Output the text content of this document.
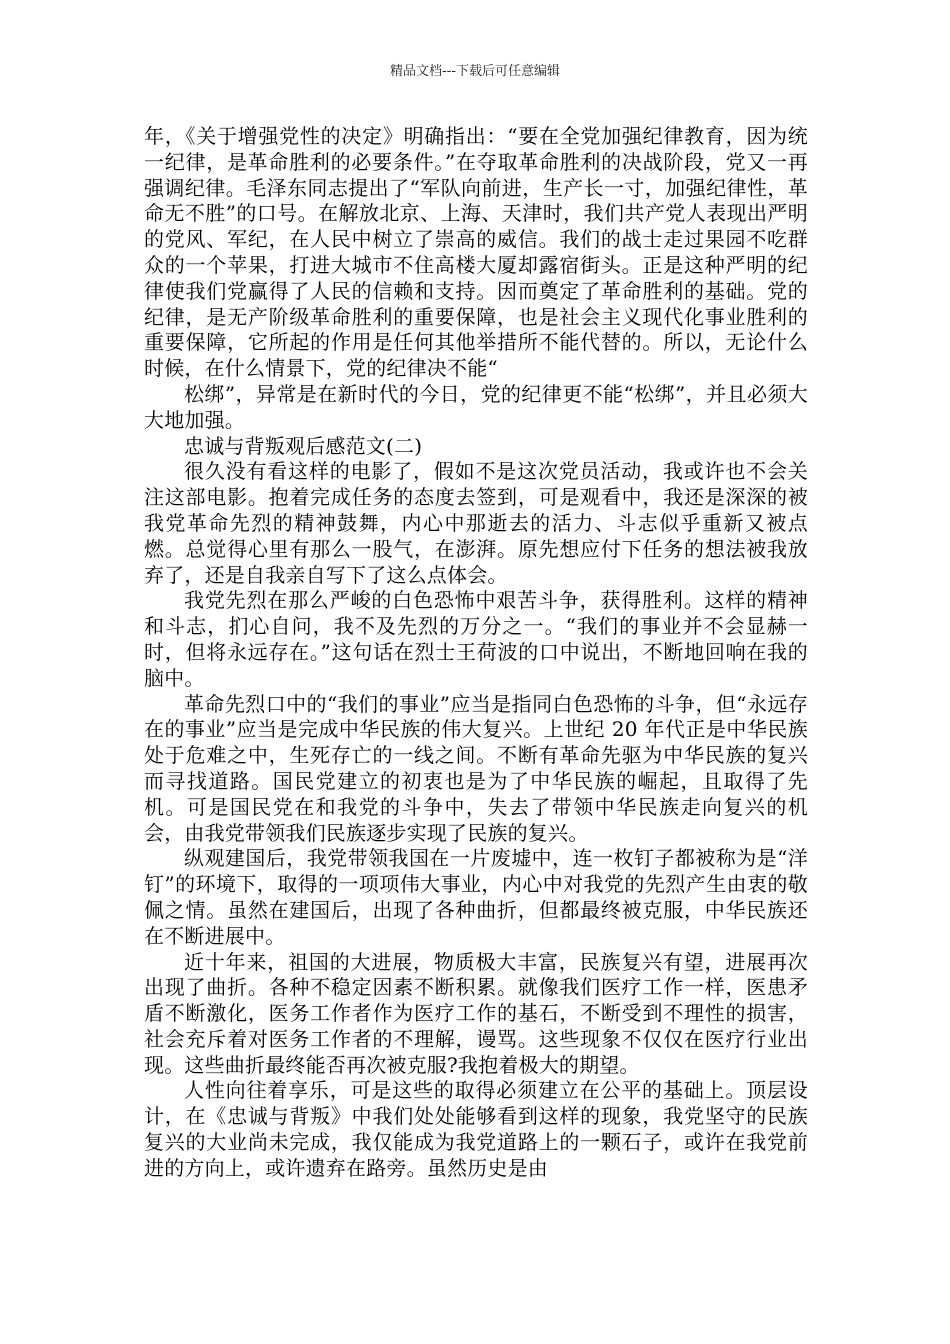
精品文档---下载后可任意编辑

年，《关于增强党性的决定》明确指出：“要在全党加强纪律教育，因为统一纪律，是革命胜利的必要条件。”在夺取革命胜利的决战阶段，党又一再强调纪律。毛泽东同志提出了“军队向前进，生产长一寸，加强纪律性，革命无不胜”的口号。在解放北京、上海、天津时，我们共产党人表现出严明的党风、军纪，在人民中树立了崇高的威信。我们的战士走过果园不吃群众的一个苹果，打进大城市不住高楼大厦却露宿街头。正是这种严明的纪律使我们党赢得了人民的信赖和支持。因而奠定了革命胜利的基础。党的纪律，是无产阶级革命胜利的重要保障，也是社会主义现代化事业胜利的重要保障，它所起的作用是任何其他举措所不能代替的。所以，无论什么时候，在什么情景下，党的纪律决不能“

松绑”，异常是在新时代的今日，党的纪律更不能“松绑”，并且必须大大地加强。

忠诚与背叛观后感范文(二)

很久没有看这样的电影了，假如不是这次党员活动，我或许也不会关注这部电影。抱着完成任务的态度去签到，可是观看中，我还是深深的被我党革命先烈的精神鼓舞，内心中那逝去的活力、斗志似乎重新又被点燃。总觉得心里有那么一股气，在澎湃。原先想应付下任务的想法被我放弃了，还是自我亲自写下了这么点体会。

我党先烈在那么严峻的白色恐怖中艰苦斗争，获得胜利。这样的精神和斗志，扪心自问，我不及先烈的万分之一。“我们的事业并不会显赫一时，但将永远存在。”这句话在烈士王荷波的口中说出，不断地回响在我的脑中。

革命先烈口中的“我们的事业”应当是指同白色恐怖的斗争，但“永远存在的事业”应当是完成中华民族的伟大复兴。上世纪 20 年代正是中华民族处于危难之中，生死存亡的一线之间。不断有革命先驱为中华民族的复兴而寻找道路。国民党建立的初衷也是为了中华民族的崛起，且取得了先机。可是国民党在和我党的斗争中，失去了带领中华民族走向复兴的机会，由我党带领我们民族逐步实现了民族的复兴。

纵观建国后，我党带领我国在一片废墟中，连一枚钉子都被称为是“洋钉”的环境下，取得的一项项伟大事业，内心中对我党的先烈产生由衷的敬佩之情。虽然在建国后，出现了各种曲折，但都最终被克服，中华民族还在不断进展中。

近十年来，祖国的大进展，物质极大丰富，民族复兴有望，进展再次出现了曲折。各种不稳定因素不断积累。就像我们医疗工作一样，医患矛盾不断激化，医务工作者作为医疗工作的基石，不断受到不理性的损害，社会充斥着对医务工作者的不理解，谩骂。这些现象不仅仅在医疗行业出现。这些曲折最终能否再次被克服?我抱着极大的期望。

人性向往着享乐，可是这些的取得必须建立在公平的基础上。顶层设计，在《忠诚与背叛》中我们处处能够看到这样的现象，我党坚守的民族复兴的大业尚未完成，我仅能成为我党道路上的一颗石子，或许在我党前进的方向上，或许遗弃在路旁。虽然历史是由
